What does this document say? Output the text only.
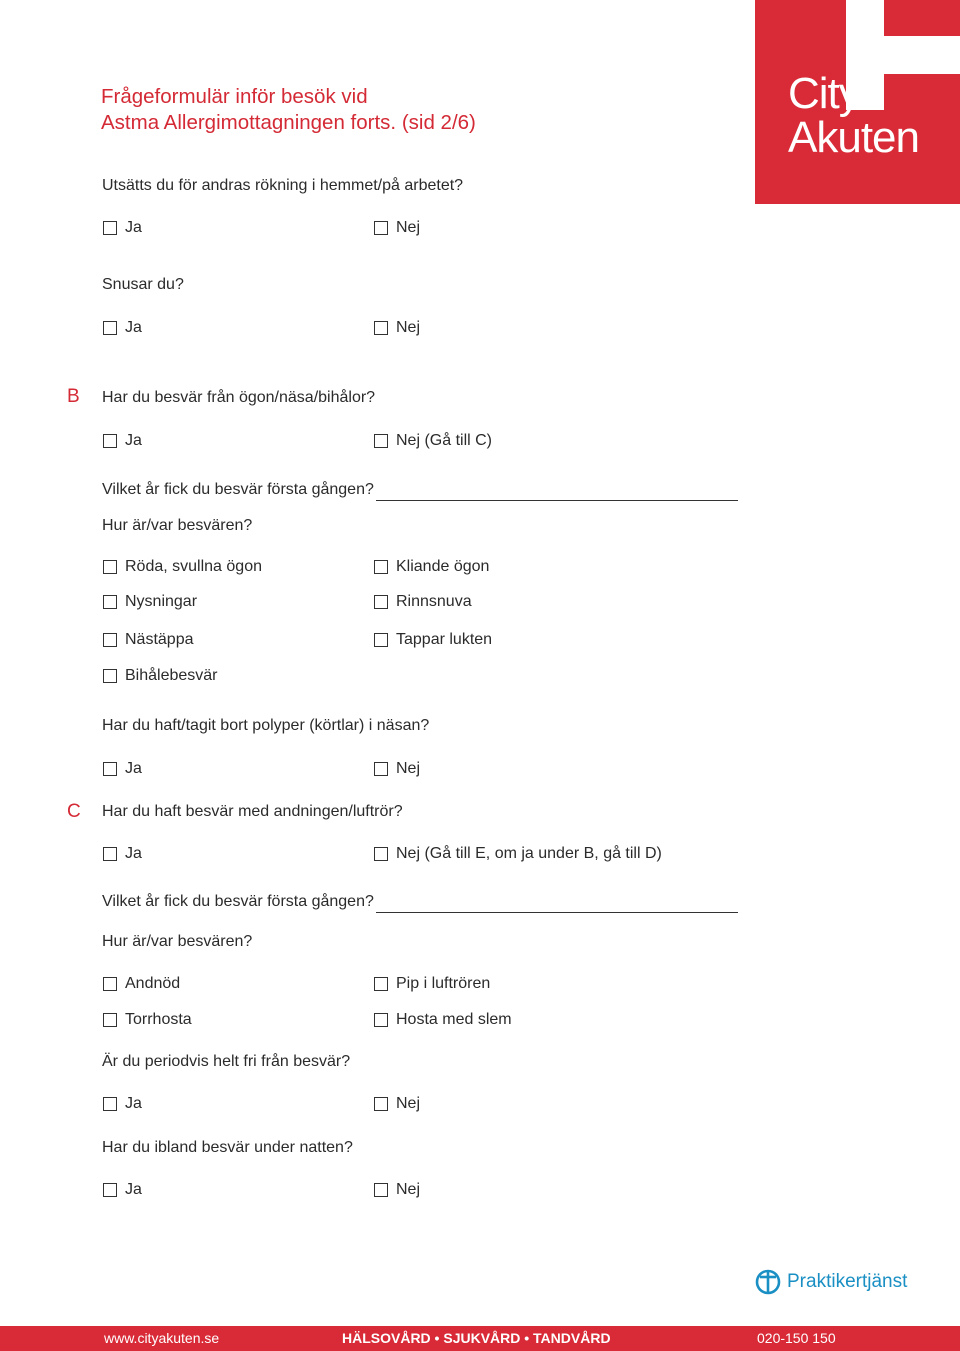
Frågeformulär inför besök vid
Astma Allergimottagningen forts. (sid 2/6)
City
Akuten
Utsätts du för andras rökning i hemmet/på arbetet?
Ja	Nej
Snusar du?
Ja	Nej
B Har du besvär från ögon/näsa/bihålor?
Ja	Nej (Gå till C)
Vilket år fick du besvär första gången?
Hur är/var besvären?
Röda, svullna ögon	Kliande ögon
Nysningar	Rinnsnuva
Nästäppa	Tappar lukten
Bihålebesvär
Har du haft/tagit bort polyper (körtlar) i näsan?
Ja	Nej
C Har du haft besvär med andningen/luftrör?
Ja	Nej (Gå till E, om ja under B, gå till D)
Vilket år fick du besvär första gången?
Hur är/var besvären?
Andnöd	Pip i luftrören
Torrhosta	Hosta med slem
Är du periodvis helt fri från besvär?
Ja	Nej
Har du ibland besvär under natten?
Ja	Nej
Praktikertjänst
www.cityakuten.se	HÄLSOVÅRD • SJUKVÅRD • TANDVÅRD	020-150 150
